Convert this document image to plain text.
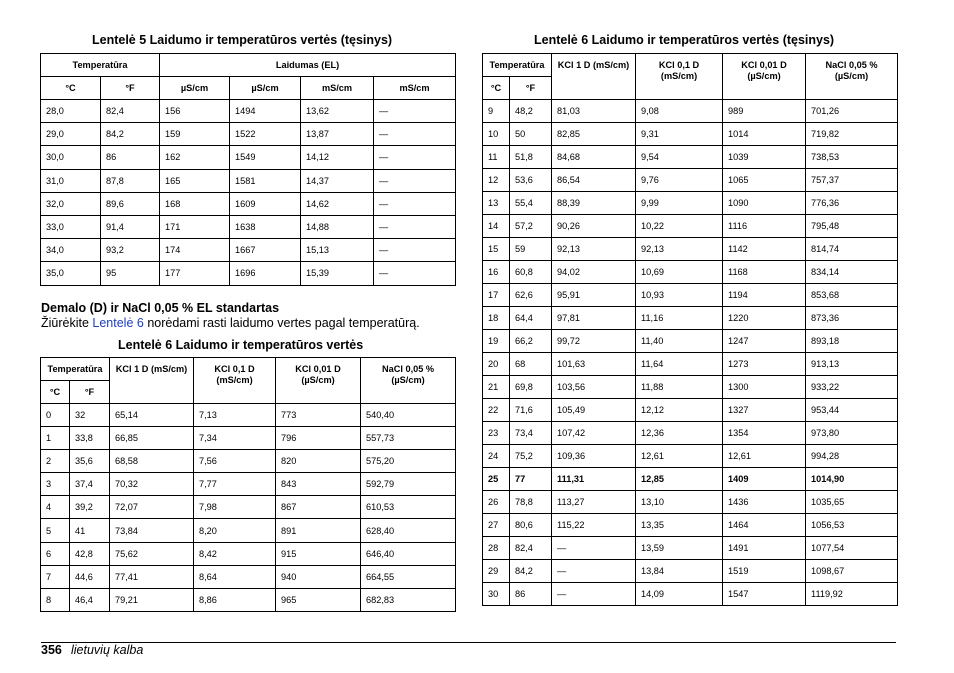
Lentelė 5 Laidumo ir temperatūros vertės (tęsinys)
Temperatūra		Laidumas (EL)			
°C	°F	µS/cm	µS/cm	mS/cm	mS/cm
28,0	82,4	156	1494	13,62	—
29,0	84,2	159	1522	13,87	—
30,0	86	162	1549	14,12	—
31,0	87,8	165	1581	14,37	—
32,0	89,6	168	1609	14,62	—
33,0	91,4	171	1638	14,88	—
34,0	93,2	174	1667	15,13	—
35,0	95	177	1696	15,39	—
Demalo (D) ir NaCl 0,05 % EL standartas
Žiūrėkite Lentelė 6 norėdami rasti laidumo vertes pagal temperatūrą.
Lentelė 6 Laidumo ir temperatūros vertės
Temperatūra		KCl 1 D (mS/cm)	KCl 0,1 D (mS/cm)	KCl 0,01 D (µS/cm)	NaCl 0,05 % (µS/cm)
°C	°F				
0	32	65,14	7,13	773	540,40
1	33,8	66,85	7,34	796	557,73
2	35,6	68,58	7,56	820	575,20
3	37,4	70,32	7,77	843	592,79
4	39,2	72,07	7,98	867	610,53
5	41	73,84	8,20	891	628,40
6	42,8	75,62	8,42	915	646,40
7	44,6	77,41	8,64	940	664,55
8	46,4	79,21	8,86	965	682,83
Lentelė 6 Laidumo ir temperatūros vertės (tęsinys)
Temperatūra		KCl 1 D (mS/cm)	KCl 0,1 D (mS/cm)	KCl 0,01 D (µS/cm)	NaCl 0,05 % (µS/cm)
°C	°F				
9	48,2	81,03	9,08	989	701,26
10	50	82,85	9,31	1014	719,82
11	51,8	84,68	9,54	1039	738,53
12	53,6	86,54	9,76	1065	757,37
13	55,4	88,39	9,99	1090	776,36
14	57,2	90,26	10,22	1116	795,48
15	59	92,13	92,13	1142	814,74
16	60,8	94,02	10,69	1168	834,14
17	62,6	95,91	10,93	1194	853,68
18	64,4	97,81	11,16	1220	873,36
19	66,2	99,72	11,40	1247	893,18
20	68	101,63	11,64	1273	913,13
21	69,8	103,56	11,88	1300	933,22
22	71,6	105,49	12,12	1327	953,44
23	73,4	107,42	12,36	1354	973,80
24	75,2	109,36	12,61	12,61	994,28
25	77	111,31	12,85	1409	1014,90
26	78,8	113,27	13,10	1436	1035,65
27	80,6	115,22	13,35	1464	1056,53
28	82,4	—	13,59	1491	1077,54
29	84,2	—	13,84	1519	1098,67
30	86	—	14,09	1547	1119,92
356 lietuvių kalba
